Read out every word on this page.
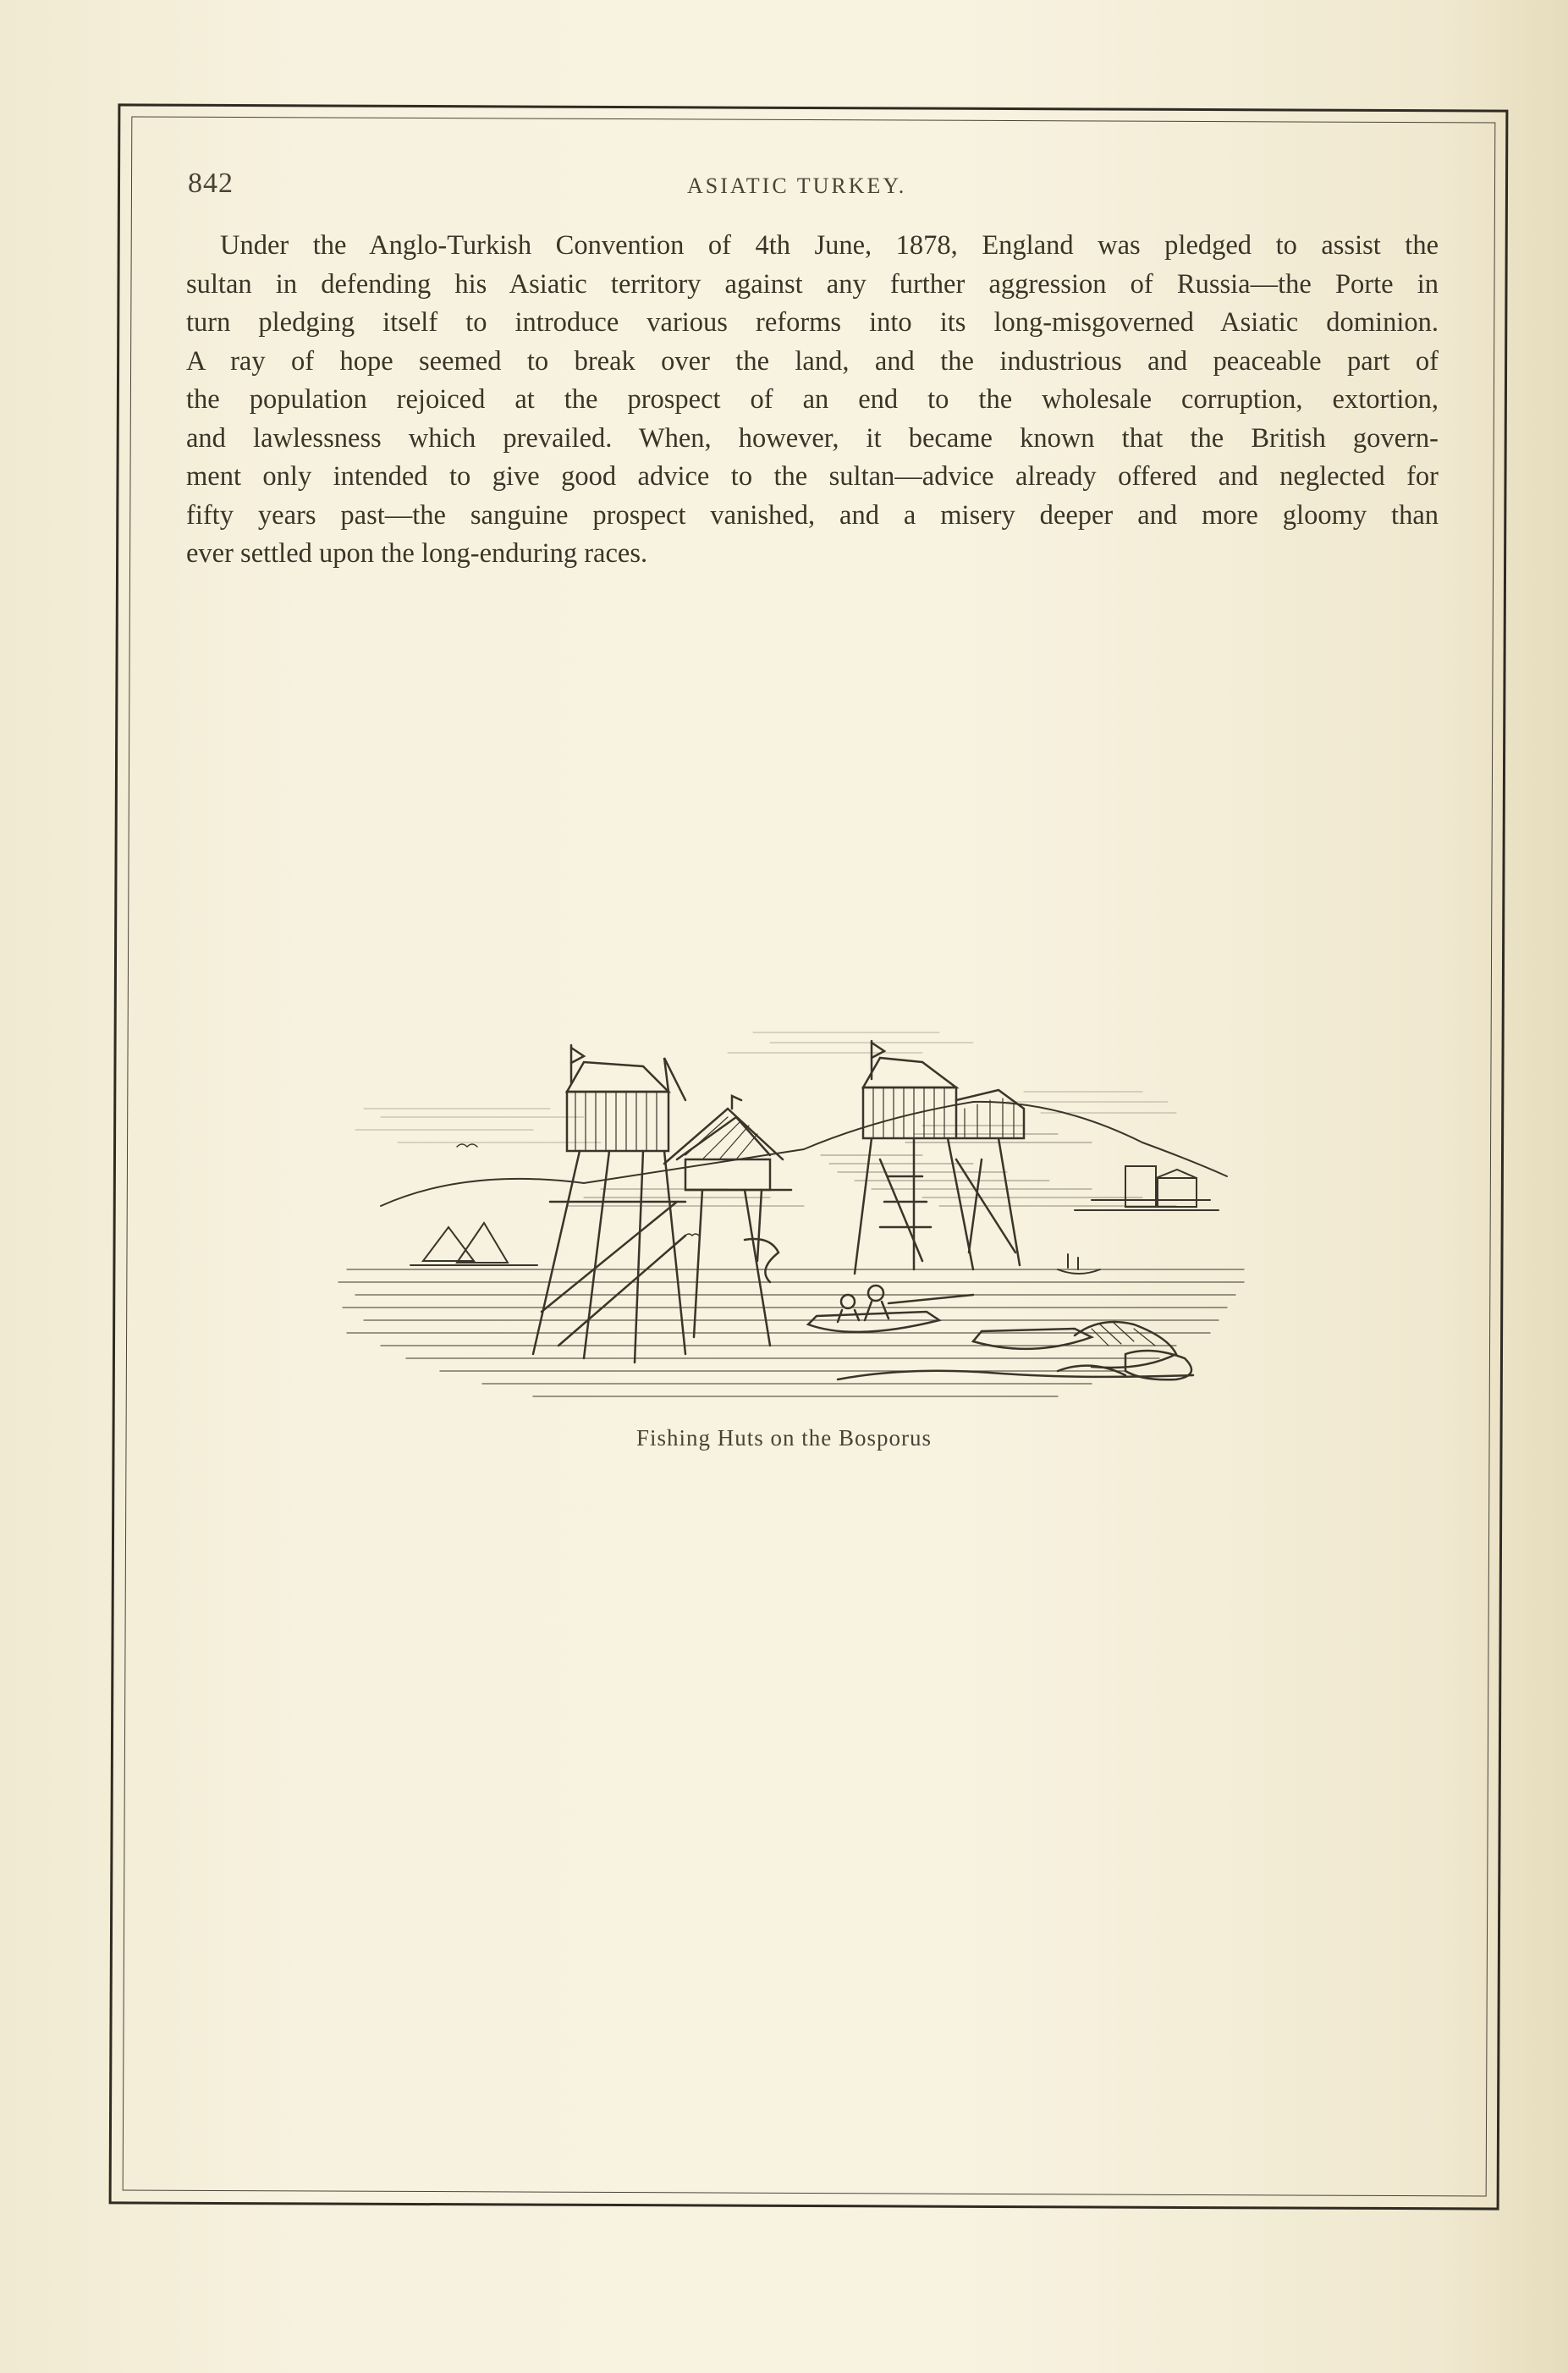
842	ASIATIC TURKEY.
Under the Anglo-Turkish Convention of 4th June, 1878, England was pledged to assist the
sultan in defending his Asiatic territory against any further aggression of Russia—the Porte in
turn pledging itself to introduce various reforms into its long-misgoverned Asiatic dominion.
A ray of hope seemed to break over the land, and the industrious and peaceable part of
the population rejoiced at the prospect of an end to the wholesale corruption, extortion,
and lawlessness which prevailed. When, however, it became known that the British govern-
ment only intended to give good advice to the sultan—advice already offered and neglected for
fifty years past—the sanguine prospect vanished, and a misery deeper and more gloomy than
ever settled upon the long-enduring races.
Fishing Huts on the Bosporus
